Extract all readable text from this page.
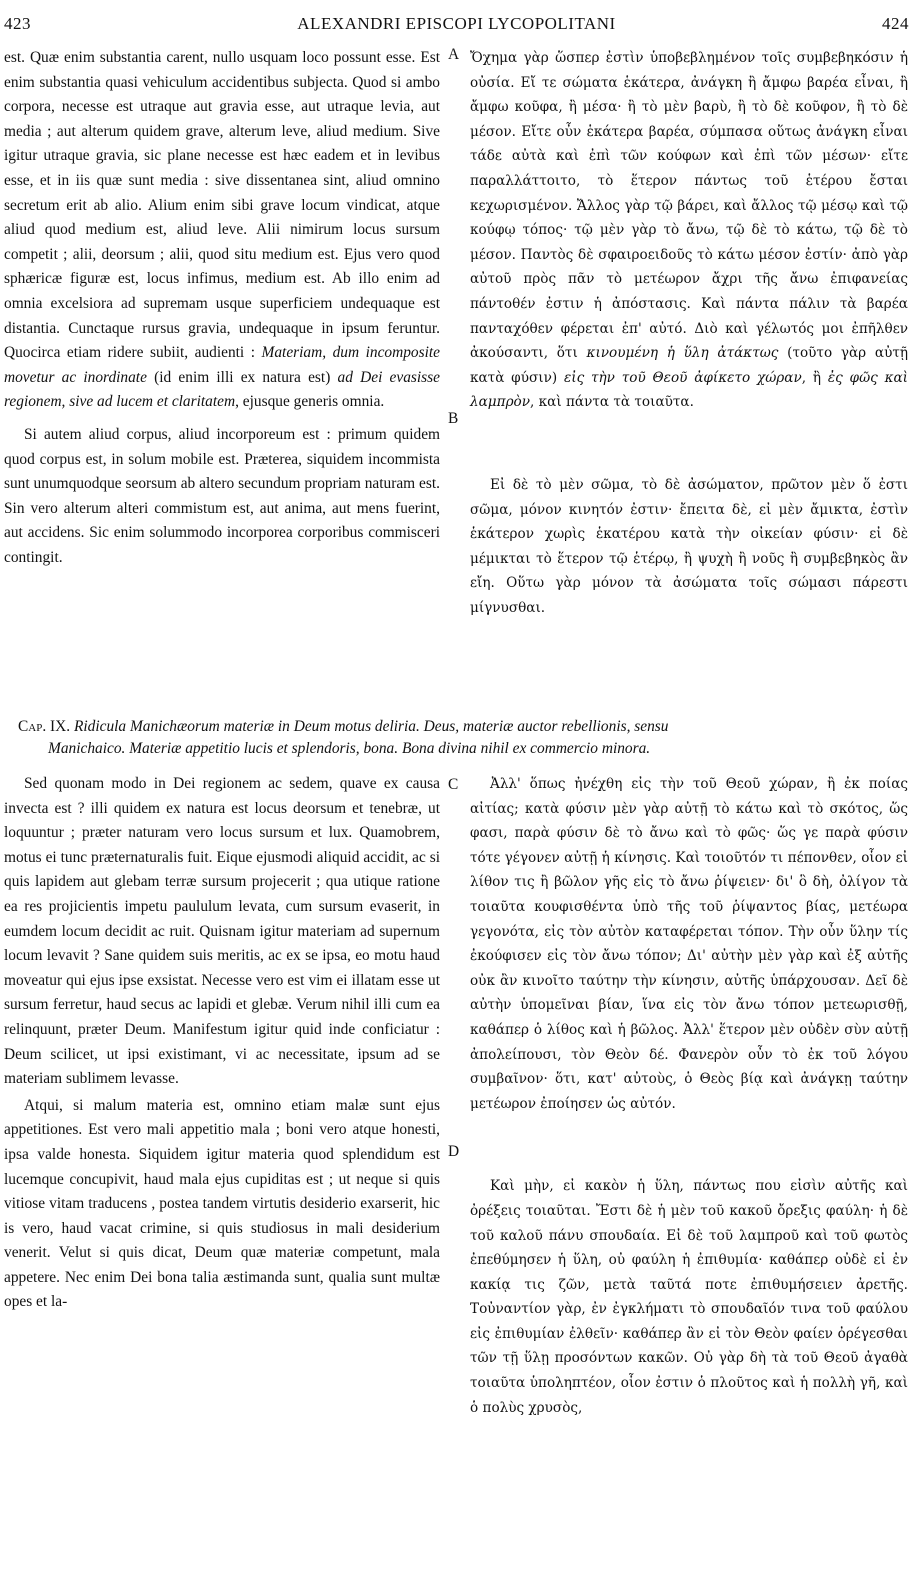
423	ALEXANDRI EPISCOPI LYCOPOLITANI	424

est. Quæ enim substantia carent, nullo usquam loco possunt esse. Est enim substantia quasi vehiculum accidentibus subjecta. Quod si ambo corpora, necesse est utraque aut gravia esse, aut utraque levia, aut media ; aut alterum quidem grave, alterum leve, aliud medium. Sive igitur utraque gravia, sic plane necesse est hæc eadem et in levibus esse, et in iis quæ sunt media : sive dissentanea sint, aliud omnino secretum erit ab alio. Alium enim sibi grave locum vindicat, atque aliud quod medium est, aliud leve. Alii nimirum locus sursum competit ; alii, deorsum ; alii, quod situ medium est. Ejus vero quod sphæricæ figuræ est, locus infimus, medium est. Ab illo enim ad omnia excelsiora ad supremam usque superficiem undequaque est distantia. Cunctaque rursus gravia, undequaque in ipsum feruntur. Quocirca etiam ridere subiit, audienti : Materiam, dum incomposite movetur ac inordinate (id enim illi ex natura est) ad Dei evasisse regionem, sive ad lucem et claritatem, ejusque generis omnia.

Si autem aliud corpus, aliud incorporeum est : primum quidem quod corpus est, in solum mobile est. Præterea, siquidem incommista sunt unumquodque seorsum ab altero secundum propriam naturam est. Sin vero alterum alteri commistum est, aut anima, aut mens fuerint, aut accidens. Sic enim solummodo incorporea corporibus commisceri contingit.

A
B

Ὄχημα γὰρ ὥσπερ ἐστὶν ὑποβεβλημένον τοῖς συμβεβηκόσιν ἡ οὐσία. Εἴ τε σώματα ἑκάτερα, ἀνάγκη ἢ ἄμφω βαρέα εἶναι, ἢ ἄμφω κοῦφα, ἢ μέσα· ἢ τὸ μὲν βαρὺ, ἢ τὸ δὲ κοῦφον, ἢ τὸ δὲ μέσον. Εἴτε οὖν ἑκάτερα βαρέα, σύμπασα οὕτως ἀνάγκη εἶναι τάδε αὐτὰ καὶ ἐπὶ τῶν κούφων καὶ ἐπὶ τῶν μέσων· εἴτε παραλλάττοιτο, τὸ ἕτερον πάντως τοῦ ἑτέρου ἔσται κεχωρισμένον. Ἄλλος γὰρ τῷ βάρει, καὶ ἄλλος τῷ μέσῳ καὶ τῷ κούφῳ τόπος· τῷ μὲν γὰρ τὸ ἄνω, τῷ δὲ τὸ κάτω, τῷ δὲ τὸ μέσον. Παντὸς δὲ σφαιροειδοῦς τὸ κάτω μέσον ἐστίν· ἀπὸ γὰρ αὐτοῦ πρὸς πᾶν τὸ μετέωρον ἄχρι τῆς ἄνω ἐπιφανείας πάντοθέν ἐστιν ἡ ἀπόστασις. Καὶ πάντα πάλιν τὰ βαρέα πανταχόθεν φέρεται ἐπ' αὐτό. Διὸ καὶ γέλωτός μοι ἐπῆλθεν ἀκούσαντι, ὅτι κινουμένη ἡ ὕλη ἀτάκτως (τοῦτο γὰρ αὐτῇ κατὰ φύσιν) εἰς τὴν τοῦ Θεοῦ ἀφίκετο χώραν, ἢ ἐς φῶς καὶ λαμπρὸν, καὶ πάντα τὰ τοιαῦτα.

Εἰ δὲ τὸ μὲν σῶμα, τὸ δὲ ἀσώματον, πρῶτον μὲν ὅ ἐστι σῶμα, μόνον κινητόν ἐστιν· ἔπειτα δὲ, εἰ μὲν ἄμικτα, ἐστὶν ἑκάτερον χωρὶς ἑκατέρου κατὰ τὴν οἰκείαν φύσιν· εἰ δὲ μέμικται τὸ ἕτερον τῷ ἑτέρῳ, ἢ ψυχὴ ἢ νοῦς ἢ συμβεβηκὸς ἂν εἴη. Οὕτω γὰρ μόνον τὰ ἀσώματα τοῖς σώμασι πάρεστι μίγνυσθαι.

Cap. IX. Ridicula Manichæorum materiæ in Deum motus deliria. Deus, materiæ auctor rebellionis, sensu
Manichaico. Materiæ appetitio lucis et splendoris, bona. Bona divina nihil ex commercio minora.

Sed quonam modo in Dei regionem ac sedem, quave ex causa invecta est ? illi quidem ex natura est locus deorsum et tenebræ, ut loquuntur ; præter naturam vero locus sursum et lux. Quamobrem, motus ei tunc præternaturalis fuit. Eique ejusmodi aliquid accidit, ac si quis lapidem aut glebam terræ sursum projecerit ; qua utique ratione ea res projicientis impetu paululum levata, cum sursum evaserit, in eumdem locum decidit ac ruit. Quisnam igitur materiam ad supernum locum levavit ? Sane quidem suis meritis, ac ex se ipsa, eo motu haud moveatur qui ejus ipse exsistat. Necesse vero est vim ei illatam esse ut sursum ferretur, haud secus ac lapidi et glebæ. Verum nihil illi cum ea relinquunt, præter Deum. Manifestum igitur quid inde conficiatur : Deum scilicet, ut ipsi existimant, vi ac necessitate, ipsum ad se materiam sublimem levasse.

Atqui, si malum materia est, omnino etiam malæ sunt ejus appetitiones. Est vero mali appetitio mala ; boni vero atque honesti, ipsa valde honesta. Siquidem igitur materia quod splendidum est lucemque concupivit, haud mala ejus cupiditas est ; ut neque si quis vitiose vitam traducens , postea tandem virtutis desiderio exarserit, hic is vero, haud vacat crimine, si quis studiosus in mali desiderium venerit. Velut si quis dicat, Deum quæ materiæ competunt, mala appetere. Nec enim Dei bona talia æstimanda sunt, qualia sunt multæ opes et la-

C
D

Ἀλλ' ὅπως ἠνέχθη εἰς τὴν τοῦ Θεοῦ χώραν, ἢ ἐκ ποίας αἰτίας; κατὰ φύσιν μὲν γὰρ αὐτῇ τὸ κάτω καὶ τὸ σκότος, ὥς φασι, παρὰ φύσιν δὲ τὸ ἄνω καὶ τὸ φῶς· ὥς γε παρὰ φύσιν τότε γέγονεν αὐτῇ ἡ κίνησις. Καὶ τοιοῦτόν τι πέπονθεν, οἷον εἰ λίθον τις ἢ βῶλον γῆς εἰς τὸ ἄνω ῥίψειεν· δι' ὃ δὴ, ὀλίγον τὰ τοιαῦτα κουφισθέντα ὑπὸ τῆς τοῦ ῥίψαντος βίας, μετέωρα γεγονότα, εἰς τὸν αὐτὸν καταφέρεται τόπον. Τὴν οὖν ὕλην τίς ἐκούφισεν εἰς τὸν ἄνω τόπον; Δι' αὐτὴν μὲν γὰρ καὶ ἐξ αὐτῆς οὐκ ἂν κινοῖτο ταύτην τὴν κίνησιν, αὐτῆς ὑπάρχουσαν. Δεῖ δὲ αὐτὴν ὑπομεῖναι βίαν, ἵνα εἰς τὸν ἄνω τόπον μετεωρισθῇ, καθάπερ ὁ λίθος καὶ ἡ βῶλος. Ἀλλ' ἕτερον μὲν οὐδὲν σὺν αὐτῇ ἀπολείπουσι, τὸν Θεὸν δέ. Φανερὸν οὖν τὸ ἐκ τοῦ λόγου συμβαῖνον· ὅτι, κατ' αὐτοὺς, ὁ Θεὸς βίᾳ καὶ ἀνάγκῃ ταύτην μετέωρον ἐποίησεν ὡς αὐτόν.

Καὶ μὴν, εἰ κακὸν ἡ ὕλη, πάντως που εἰσὶν αὐτῆς καὶ ὀρέξεις τοιαῦται. Ἔστι δὲ ἡ μὲν τοῦ κακοῦ ὄρεξις φαύλη· ἡ δὲ τοῦ καλοῦ πάνυ σπουδαία. Εἰ δὲ τοῦ λαμπροῦ καὶ τοῦ φωτὸς ἐπεθύμησεν ἡ ὕλη, οὐ φαύλη ἡ ἐπιθυμία· καθάπερ οὐδὲ εἰ ἐν κακίᾳ τις ζῶν, μετὰ ταῦτά ποτε ἐπιθυμήσειεν ἀρετῆς. Τοὐναντίον γὰρ, ἐν ἐγκλήματι τὸ σπουδαῖόν τινα τοῦ φαύλου εἰς ἐπιθυμίαν ἐλθεῖν· καθάπερ ἂν εἰ τὸν Θεὸν φαίεν ὀρέγεσθαι τῶν τῇ ὕλῃ προσόντων κακῶν. Οὐ γὰρ δὴ τὰ τοῦ Θεοῦ ἀγαθὰ τοιαῦτα ὑποληπτέον, οἷον ἐστιν ὁ πλοῦτος καὶ ἡ πολλὴ γῆ, καὶ ὁ πολὺς χρυσὸς,
